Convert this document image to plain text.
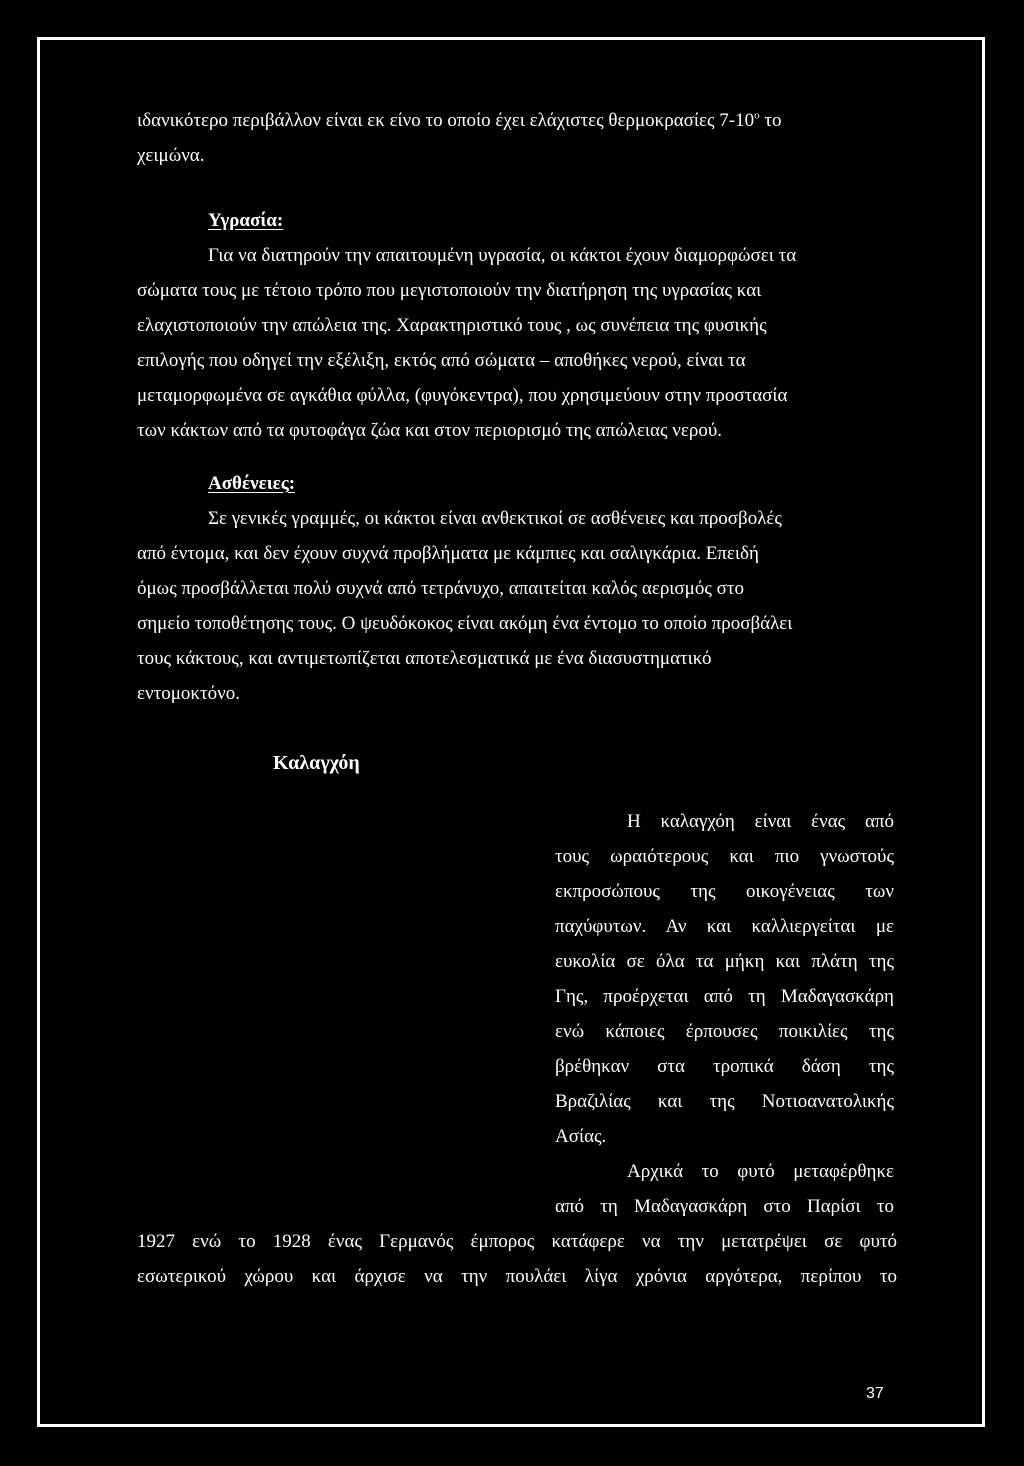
ιδανικότερο περιβάλλον είναι εκ είνο το οποίο έχει ελάχιστες θερμοκρασίες $7-10^o$ το
χειμώνα.
Υγρασία:
Για να διατηρούν την απαιτουμένη υγρασία, οι κάκτοι έχουν διαμορφώσει τα
σώματα τους με τέτοιο τρόπο που μεγιστοποιούν την διατήρηση της υγρασίας και
ελαχιστοποιούν την απώλεια της. Χαρακτηριστικό τους , ως συνέπεια της φυσικής
επιλογής που οδηγεί την εξέλιξη, εκτός από σώματα – αποθήκες νερού, είναι τα
μεταμορφωμένα σε αγκάθια φύλλα, (φυγόκεντρα), που χρησιμεύουν στην προστασία
των κάκτων από τα φυτοφάγα ζώα και στον περιορισμό της απώλειας νερού.
Ασθένειες:
Σε γενικές γραμμές, οι κάκτοι είναι ανθεκτικοί σε ασθένειες και προσβολές
από έντομα, και δεν έχουν συχνά προβλήματα με κάμπιες και σαλιγκάρια. Επειδή
όμως προσβάλλεται πολύ συχνά από τετράνυχο, απαιτείται καλός αερισμός στο
σημείο τοποθέτησης τους. Ο ψευδόκοκος είναι ακόμη ένα έντομο το οποίο προσβάλει
τους κάκτους, και αντιμετωπίζεται αποτελεσματικά με ένα διασυστηματικό
εντομοκτόνο.
Καλαγχόη
Η καλαγχόη είναι ένας από
τους ωραιότερους και πιο γνωστούς
εκπροσώπους της οικογένειας των
παχύφυτων. Αν και καλλιεργείται με
ευκολία σε όλα τα μήκη και πλάτη της
Γης, προέρχεται από τη Μαδαγασκάρη
ενώ κάποιες έρπουσες ποικιλίες της
βρέθηκαν στα τροπικά δάση της
Βραζιλίας και της Νοτιοανατολικής
Ασίας.
Αρχικά το φυτό μεταφέρθηκε
από τη Μαδαγασκάρη στο Παρίσι το
1927 ενώ το 1928 ένας Γερμανός έμπορος κατάφερε να την μετατρέψει σε φυτό
εσωτερικού χώρου και άρχισε να την πουλάει λίγα χρόνια αργότερα, περίπου το
37
